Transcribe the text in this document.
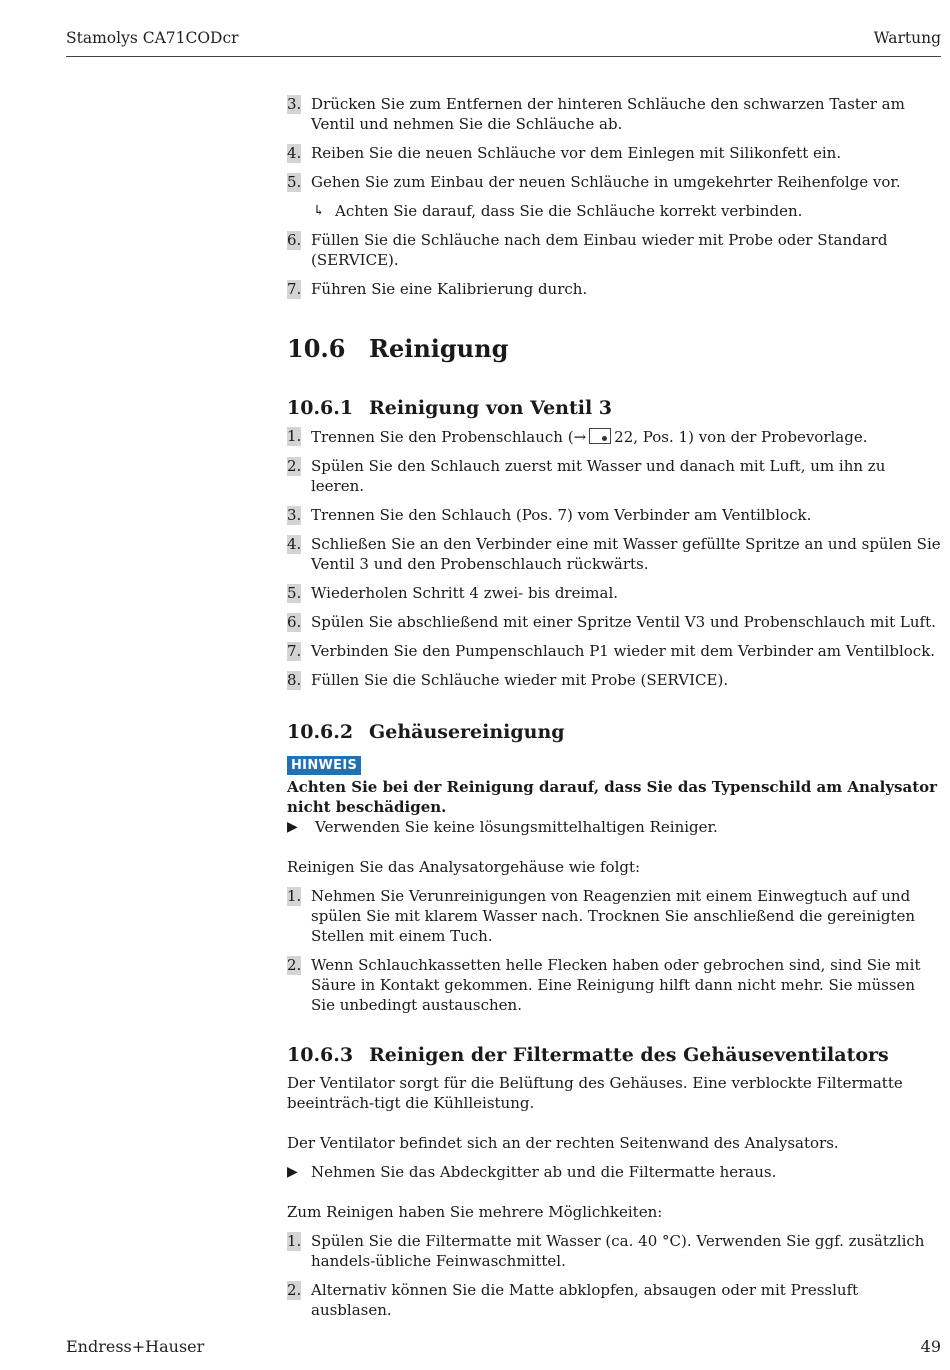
Stamolys CA71CODcr	Wartung
3. Drücken Sie zum Entfernen der hinteren Schläuche den schwarzen Taster am Ventil und nehmen Sie die Schläuche ab.
4. Reiben Sie die neuen Schläuche vor dem Einlegen mit Silikonfett ein.
5. Gehen Sie zum Einbau der neuen Schläuche in umgekehrter Reihenfolge vor.
↳ Achten Sie darauf, dass Sie die Schläuche korrekt verbinden.
6. Füllen Sie die Schläuche nach dem Einbau wieder mit Probe oder Standard (SERVICE).
7. Führen Sie eine Kalibrierung durch.
10.6 Reinigung
10.6.1 Reinigung von Ventil 3
1. Trennen Sie den Probenschlauch (→ 22, Pos. 1) von der Probevorlage.
2. Spülen Sie den Schlauch zuerst mit Wasser und danach mit Luft, um ihn zu leeren.
3. Trennen Sie den Schlauch (Pos. 7) vom Verbinder am Ventilblock.
4. Schließen Sie an den Verbinder eine mit Wasser gefüllte Spritze an und spülen Sie Ventil 3 und den Probenschlauch rückwärts.
5. Wiederholen Schritt 4 zwei- bis dreimal.
6. Spülen Sie abschließend mit einer Spritze Ventil V3 und Probenschlauch mit Luft.
7. Verbinden Sie den Pumpenschlauch P1 wieder mit dem Verbinder am Ventilblock.
8. Füllen Sie die Schläuche wieder mit Probe (SERVICE).
10.6.2 Gehäusereinigung
HINWEIS

Achten Sie bei der Reinigung darauf, dass Sie das Typenschild am Analysator nicht beschädigen.

▶ Verwenden Sie keine lösungsmittelhaltigen Reiniger.

Reinigen Sie das Analysatorgehäuse wie folgt:

1. Nehmen Sie Verunreinigungen von Reagenzien mit einem Einwegtuch auf und spülen Sie mit klarem Wasser nach. Trocknen Sie anschließend die gereinigten Stellen mit einem Tuch.
2. Wenn Schlauchkassetten helle Flecken haben oder gebrochen sind, sind Sie mit Säure in Kontakt gekommen. Eine Reinigung hilft dann nicht mehr. Sie müssen Sie unbedingt austauschen.
10.6.3 Reinigen der Filtermatte des Gehäuseventilators

Der Ventilator sorgt für die Belüftung des Gehäuses. Eine verblockte Filtermatte beeinträch-tigt die Kühlleistung.

Der Ventilator befindet sich an der rechten Seitenwand des Analysators.

▶ Nehmen Sie das Abdeckgitter ab und die Filtermatte heraus.

Zum Reinigen haben Sie mehrere Möglichkeiten:

1. Spülen Sie die Filtermatte mit Wasser (ca. 40 °C). Verwenden Sie ggf. zusätzlich handels-übliche Feinwaschmittel.
2. Alternativ können Sie die Matte abklopfen, absaugen oder mit Pressluft ausblasen.
Endress+Hauser	49
